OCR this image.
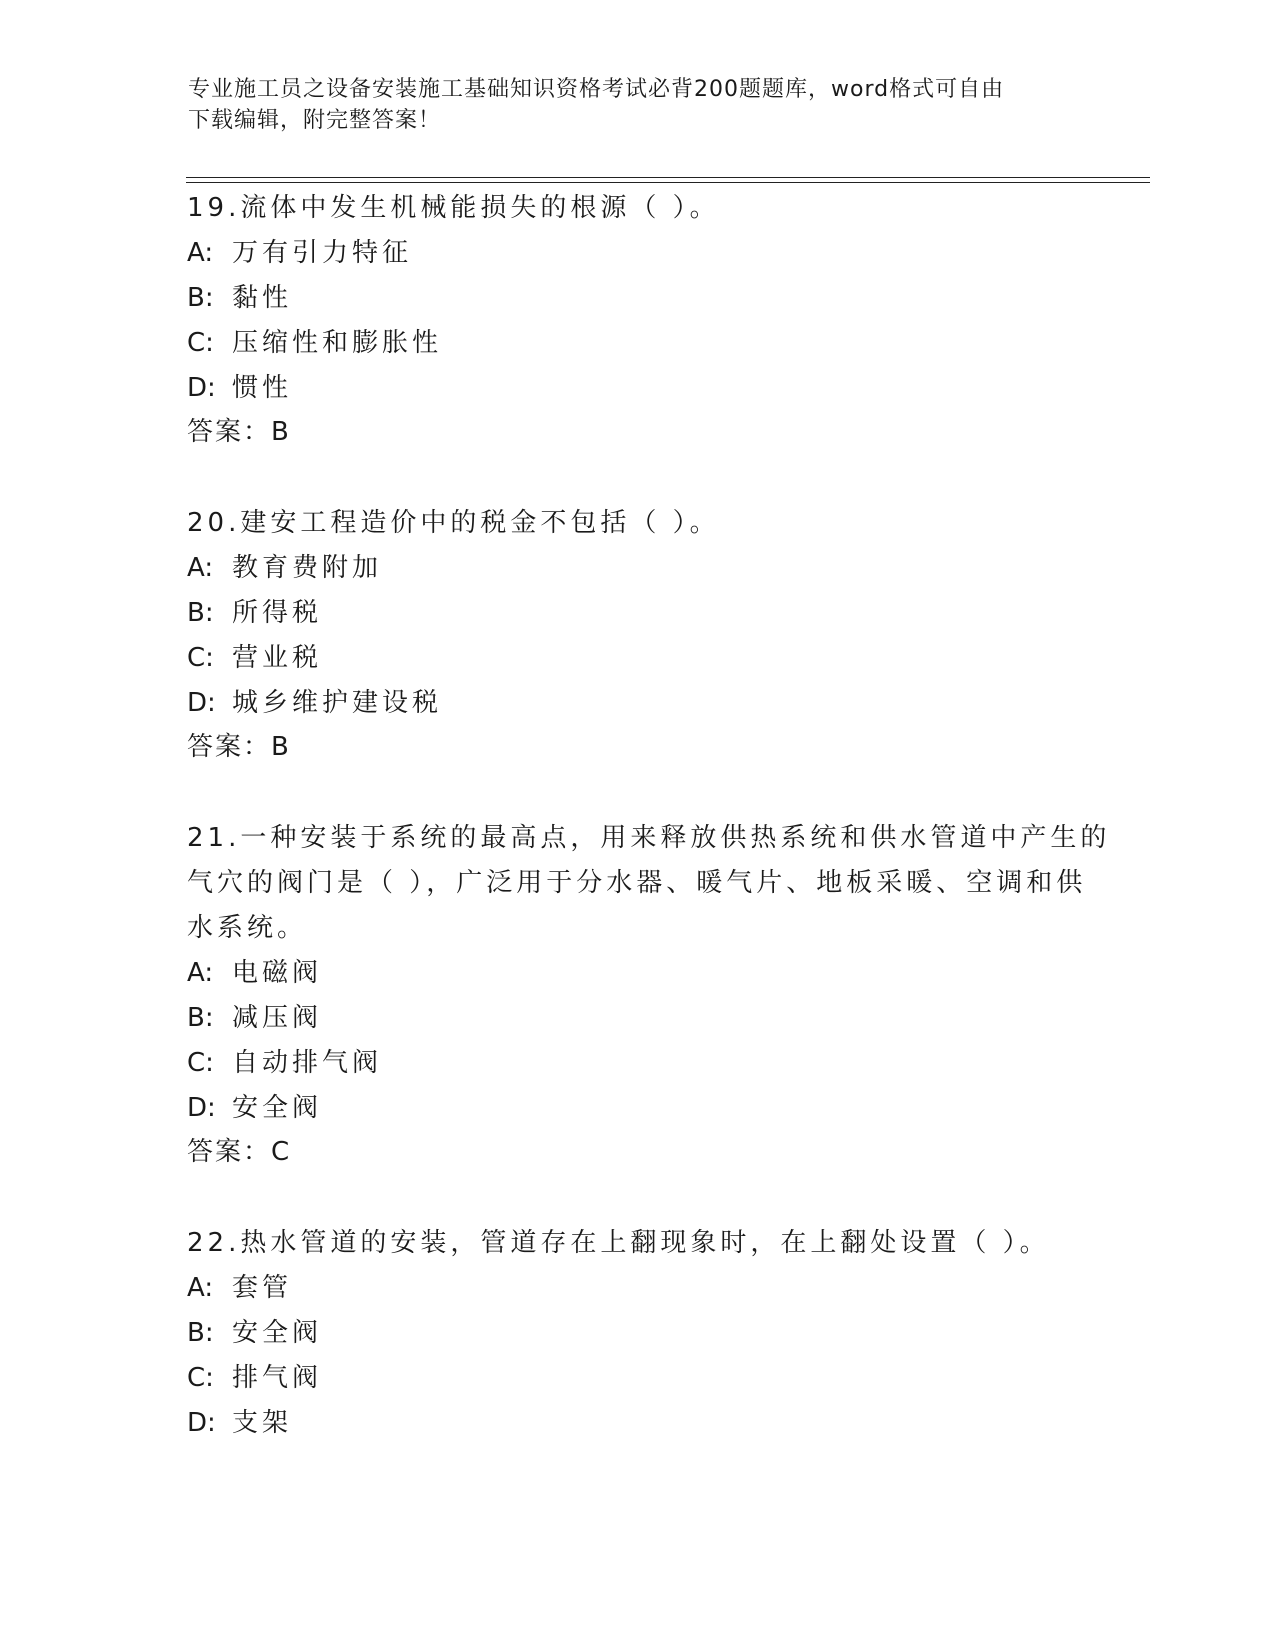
专业施工员之设备安装施工基础知识资格考试必背200题题库，word格式可自由
下载编辑，附完整答案！
19.流体中发生机械能损失的根源（ ）。
A: 万有引力特征
B: 黏性
C: 压缩性和膨胀性
D: 惯性
答案：B
20.建安工程造价中的税金不包括（ ）。
A: 教育费附加
B: 所得税
C: 营业税
D: 城乡维护建设税
答案：B
21.一种安装于系统的最高点，用来释放供热系统和供水管道中产生的
气穴的阀门是（ ），广泛用于分水器、暖气片、地板采暖、空调和供
水系统。
A: 电磁阀
B: 减压阀
C: 自动排气阀
D: 安全阀
答案：C
22.热水管道的安装，管道存在上翻现象时，在上翻处设置（ ）。
A: 套管
B: 安全阀
C: 排气阀
D: 支架
